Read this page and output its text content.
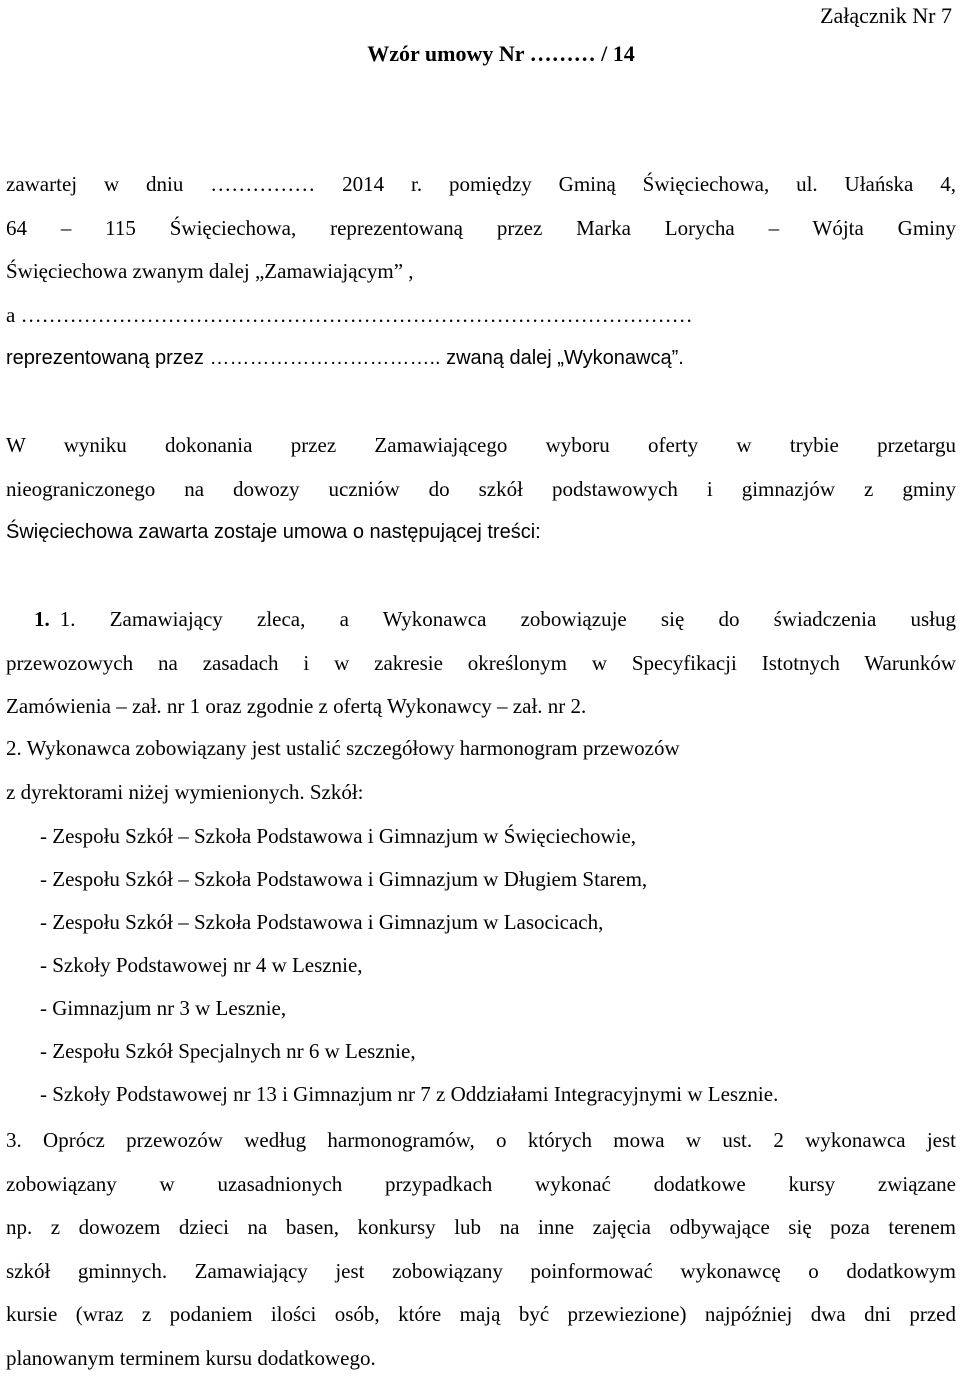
Załącznik Nr 7
Wzór umowy Nr ……… / 14
zawartej w dniu …………… 2014 r. pomiędzy Gminą Święciechowa, ul. Ułańska 4,
64 – 115 Święciechowa, reprezentowaną przez Marka Lorycha – Wójta Gminy
Święciechowa zwanym dalej „Zamawiającym” ,
a ……………………………………………………………………………………
reprezentowaną przez …………………………….. zwaną dalej „Wykonawcą”.
W wyniku dokonania przez Zamawiającego wyboru oferty w trybie przetargu
nieograniczonego na dowozy uczniów do szkół podstawowych i gimnazjów z gminy
Święciechowa zawarta zostaje umowa o następującej treści:
1. 1. Zamawiający zleca, a Wykonawca zobowiązuje się do świadczenia usług
przewozowych na zasadach i w zakresie określonym w Specyfikacji Istotnych Warunków
Zamówienia – zał. nr 1 oraz zgodnie z ofertą Wykonawcy – zał. nr 2.
2. Wykonawca zobowiązany jest ustalić szczegółowy harmonogram przewozów
z dyrektorami niżej wymienionych. Szkół:
- Zespołu Szkół – Szkoła Podstawowa i Gimnazjum w Święciechowie,
- Zespołu Szkół – Szkoła Podstawowa i Gimnazjum w Długiem Starem,
- Zespołu Szkół – Szkoła Podstawowa i Gimnazjum w Lasocicach,
- Szkoły Podstawowej nr 4 w Lesznie,
- Gimnazjum nr 3 w Lesznie,
- Zespołu Szkół Specjalnych nr 6 w Lesznie,
- Szkoły Podstawowej nr 13 i Gimnazjum nr 7 z Oddziałami Integracyjnymi w Lesznie.
3. Oprócz przewozów według harmonogramów, o których mowa w ust. 2 wykonawca jest
zobowiązany w uzasadnionych przypadkach wykonać dodatkowe kursy związane
np. z dowozem dzieci na basen, konkursy lub na inne zajęcia odbywające się poza terenem
szkół gminnych. Zamawiający jest zobowiązany poinformować wykonawcę o dodatkowym
kursie (wraz z podaniem ilości osób, które mają być przewiezione) najpóźniej dwa dni przed
planowanym terminem kursu dodatkowego.
